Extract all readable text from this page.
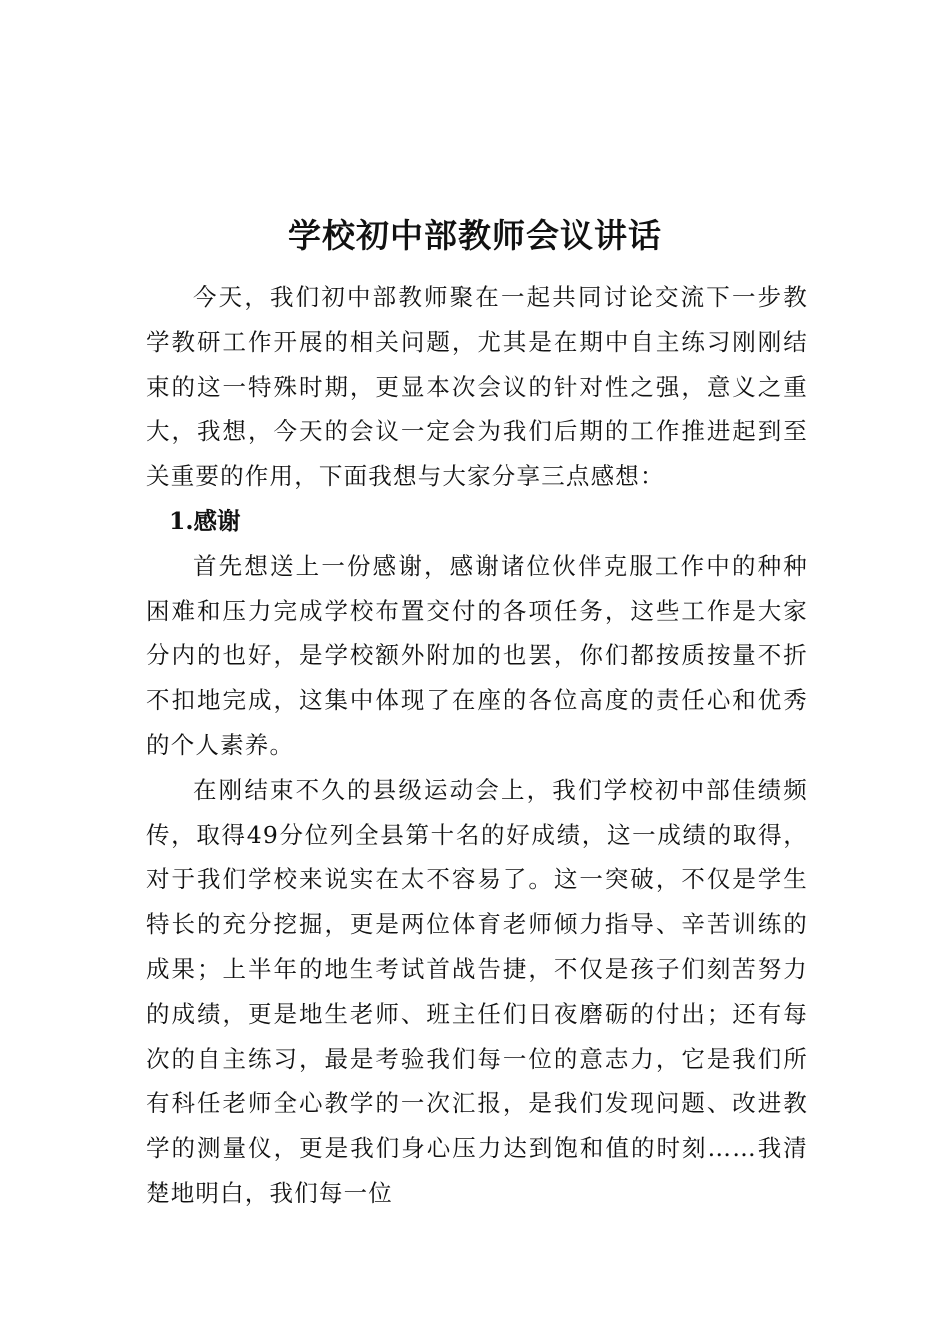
学校初中部教师会议讲话

今天，我们初中部教师聚在一起共同讨论交流下一步教学教研工作开展的相关问题，尤其是在期中自主练习刚刚结束的这一特殊时期，更显本次会议的针对性之强，意义之重大，我想，今天的会议一定会为我们后期的工作推进起到至关重要的作用，下面我想与大家分享三点感想：

1.感谢

首先想送上一份感谢，感谢诸位伙伴克服工作中的种种困难和压力完成学校布置交付的各项任务，这些工作是大家分内的也好，是学校额外附加的也罢，你们都按质按量不折不扣地完成，这集中体现了在座的各位高度的责任心和优秀的个人素养。

在刚结束不久的县级运动会上，我们学校初中部佳绩频传，取得49分位列全县第十名的好成绩，这一成绩的取得，对于我们学校来说实在太不容易了。这一突破，不仅是学生特长的充分挖掘，更是两位体育老师倾力指导、辛苦训练的成果；上半年的地生考试首战告捷，不仅是孩子们刻苦努力的成绩，更是地生老师、班主任们日夜磨砺的付出；还有每次的自主练习，最是考验我们每一位的意志力，它是我们所有科任老师全心教学的一次汇报，是我们发现问题、改进教学的测量仪，更是我们身心压力达到饱和值的时刻……我清楚地明白，我们每一位
